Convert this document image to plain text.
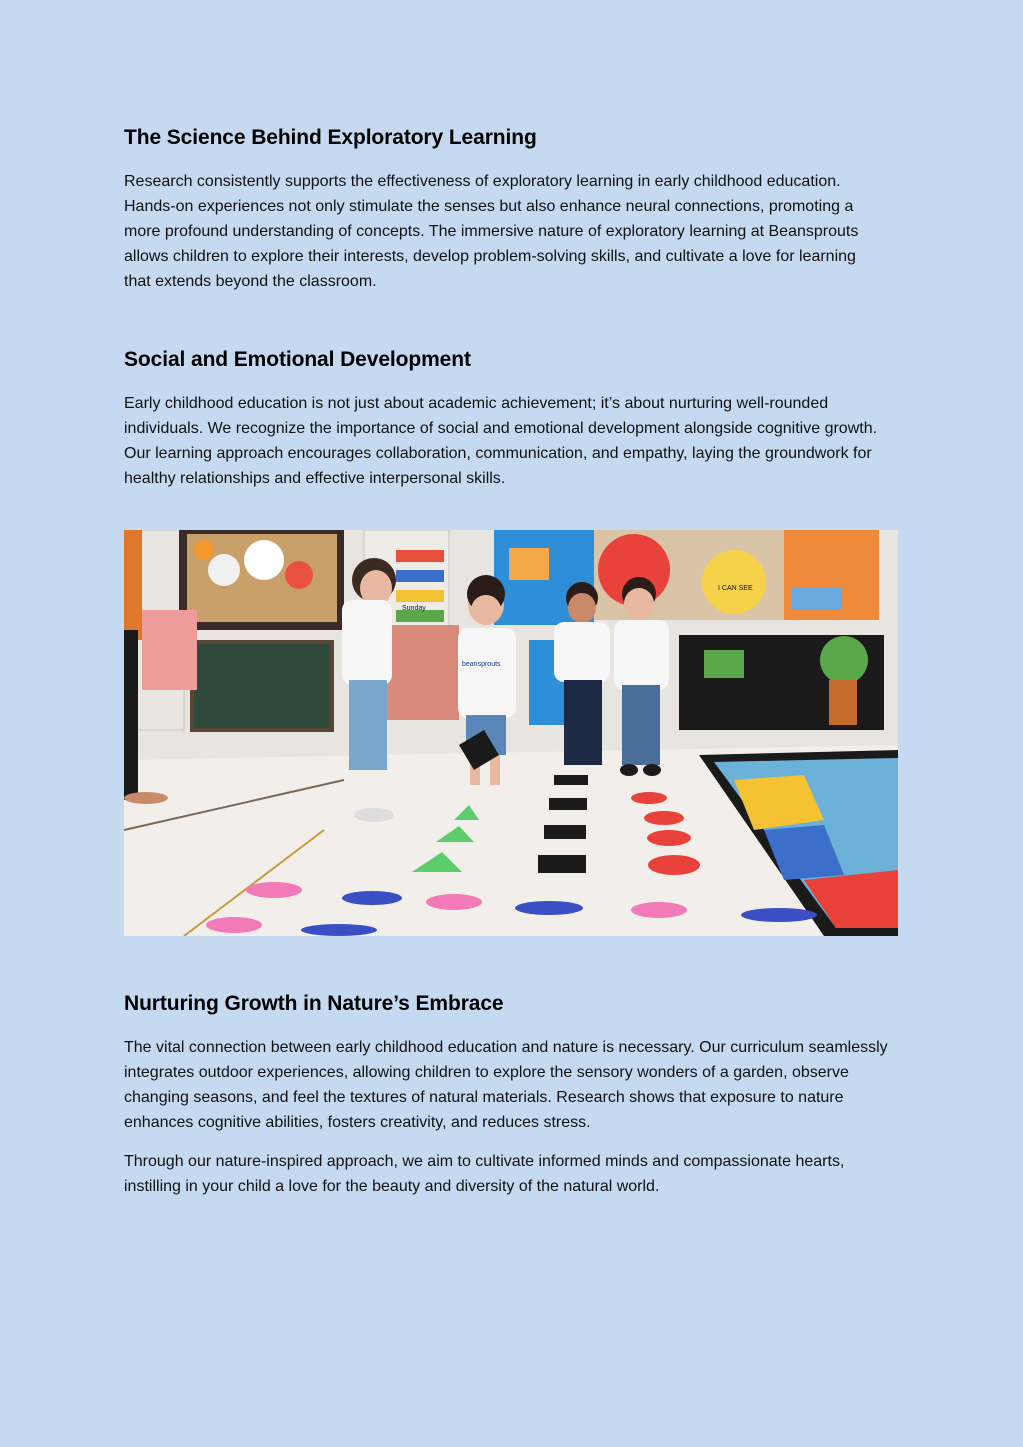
The Science Behind Exploratory Learning

Research consistently supports the effectiveness of exploratory learning in early childhood education. Hands-on experiences not only stimulate the senses but also enhance neural connections, promoting a more profound understanding of concepts. The immersive nature of exploratory learning at Beansprouts allows children to explore their interests, develop problem-solving skills, and cultivate a love for learning that extends beyond the classroom.

Social and Emotional Development

Early childhood education is not just about academic achievement; it’s about nurturing well-rounded individuals. We recognize the importance of social and emotional development alongside cognitive growth. Our learning approach encourages collaboration, communication, and empathy, laying the groundwork for healthy relationships and effective interpersonal skills.

Sunday
I CAN SEE
beansprouts
Nurturing Growth in Nature’s Embrace

The vital connection between early childhood education and nature is necessary. Our curriculum seamlessly integrates outdoor experiences, allowing children to explore the sensory wonders of a garden, observe changing seasons, and feel the textures of natural materials. Research shows that exposure to nature enhances cognitive abilities, fosters creativity, and reduces stress.

Through our nature-inspired approach, we aim to cultivate informed minds and compassionate hearts, instilling in your child a love for the beauty and diversity of the natural world.
